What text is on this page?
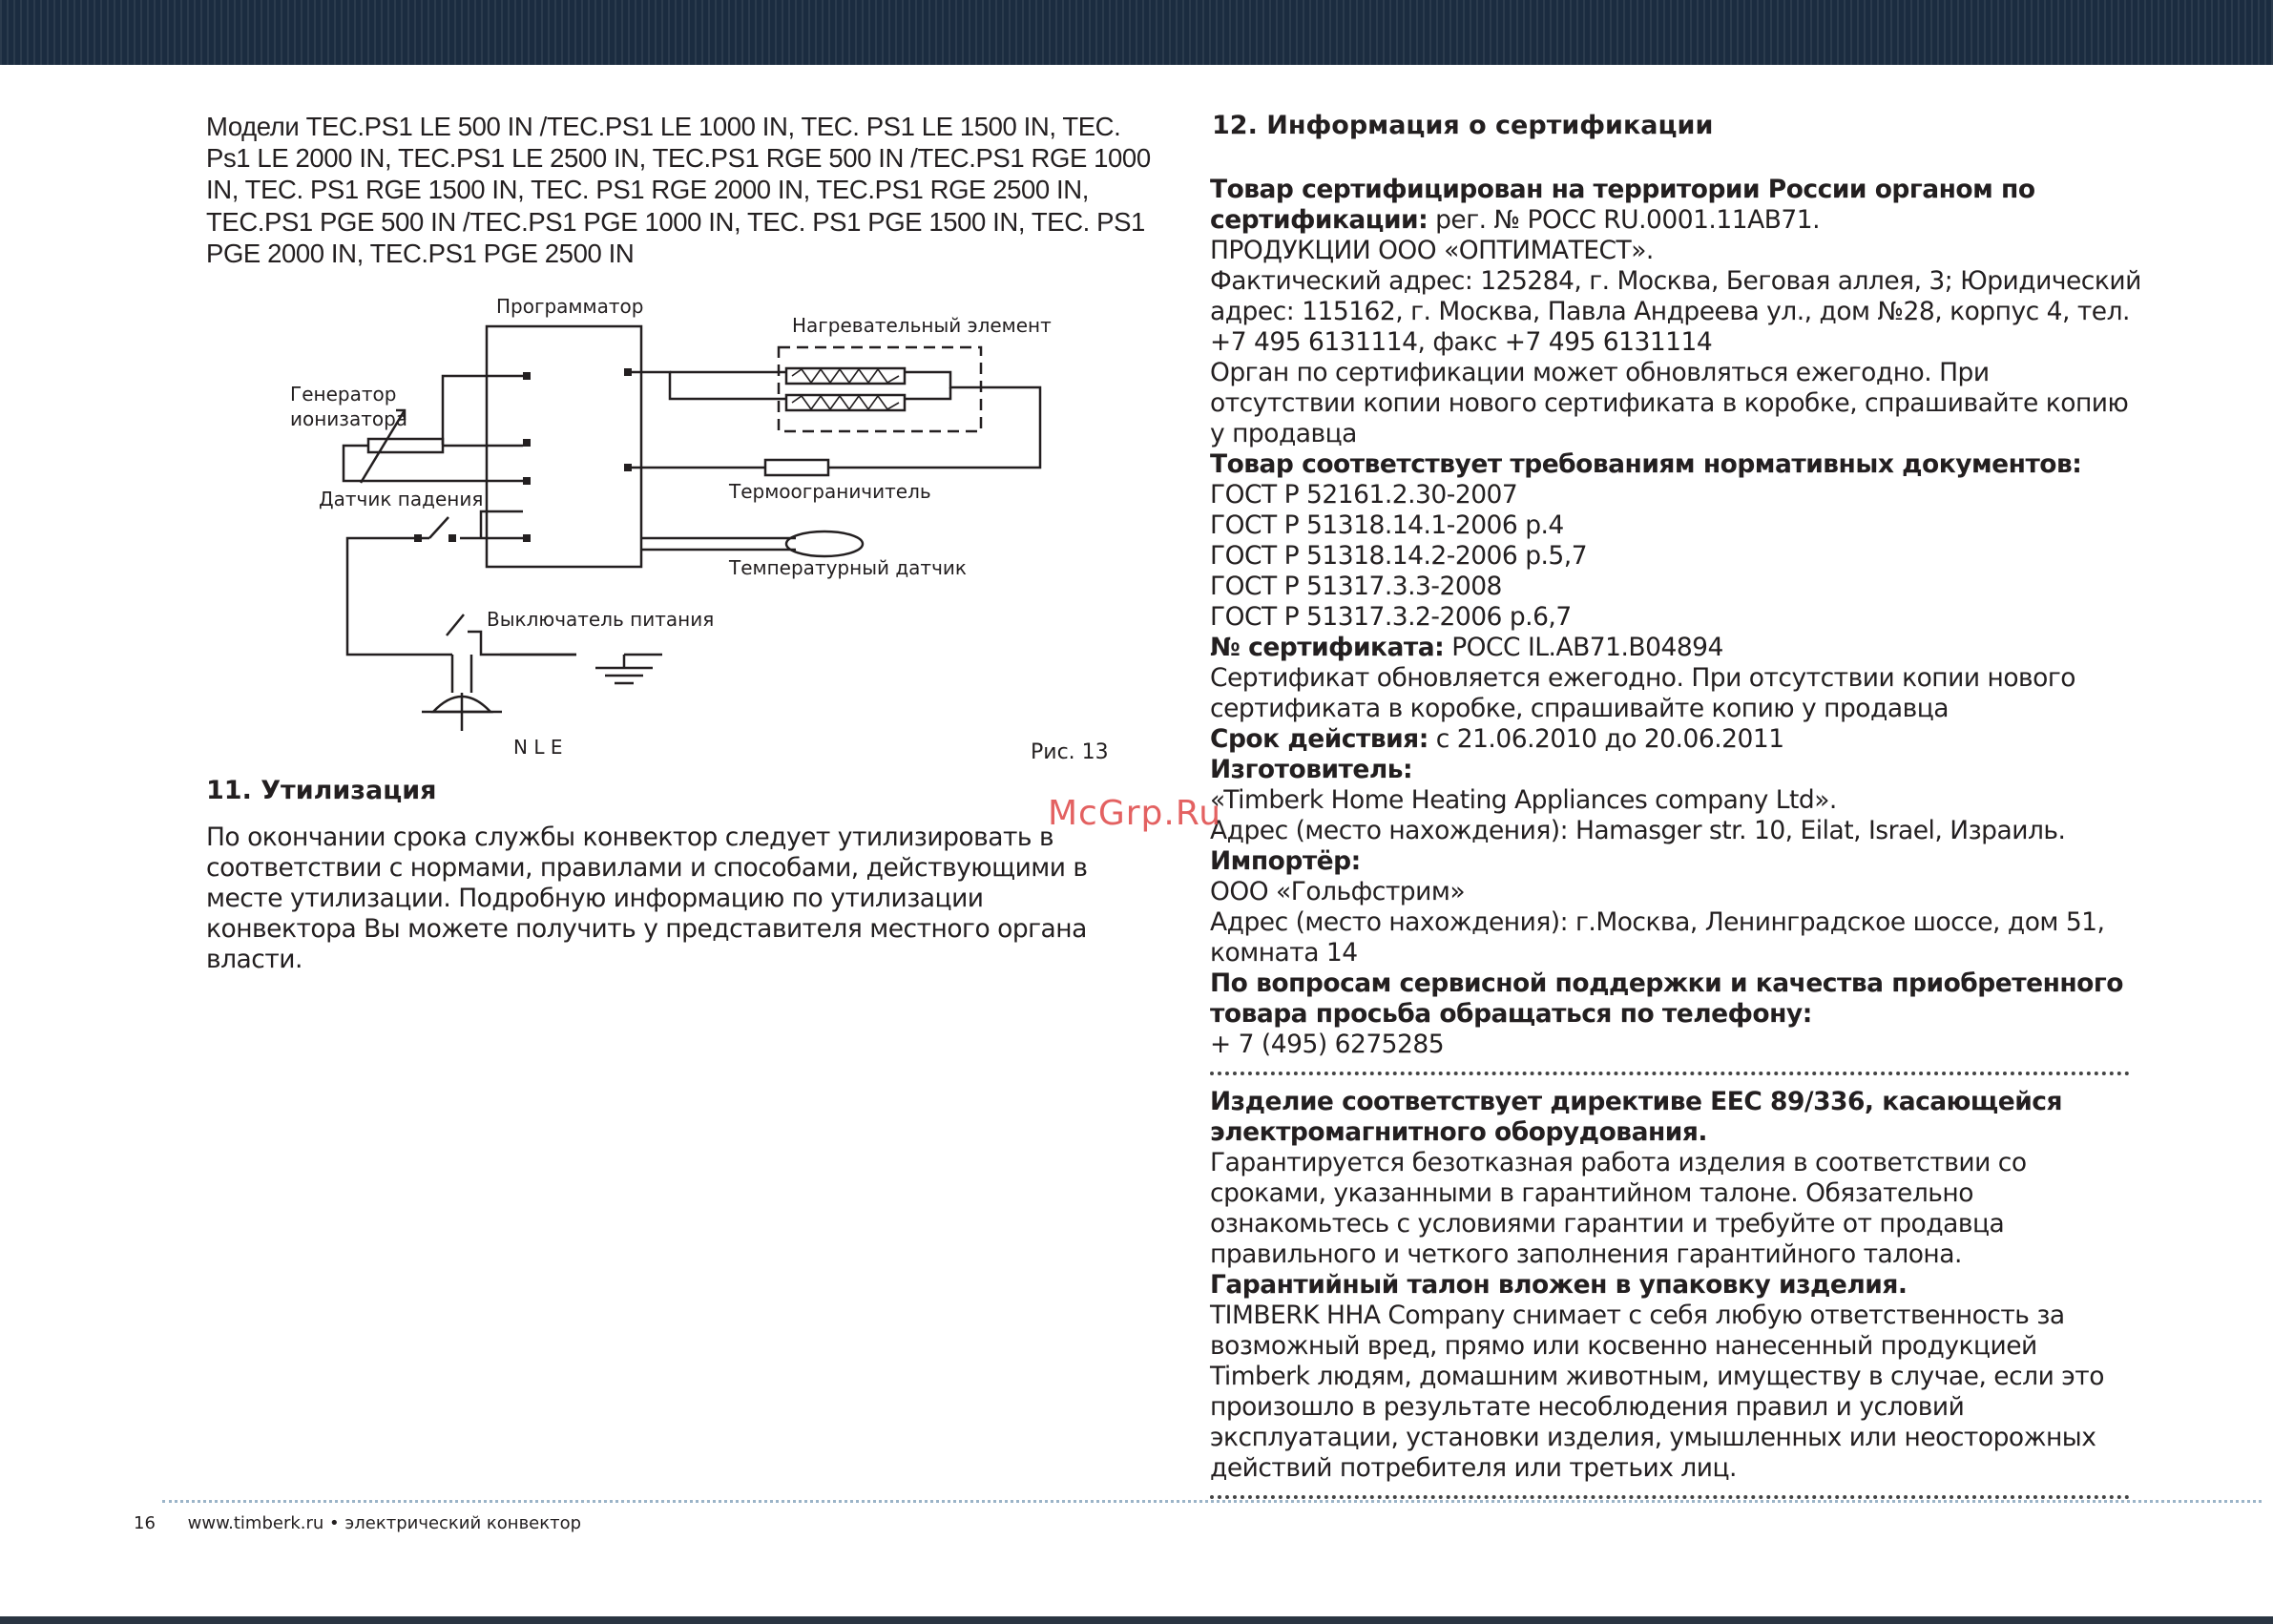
Модели TEC.PS1 LE 500 IN /TEC.PS1 LE 1000 IN, TEC. PS1 LE 1500 IN, TEC.
Ps1 LE 2000 IN, TEC.PS1 LE 2500 IN, TEC.PS1 RGE 500 IN /TEC.PS1 RGE 1000
IN, TEC. PS1 RGE 1500 IN, TEC. PS1 RGE 2000 IN, TEC.PS1 RGE 2500 IN,
TEC.PS1 PGE 500 IN /TEC.PS1 PGE 1000 IN, TEC. PS1 PGE 1500 IN, TEC. PS1
PGE 2000 IN, TEC.PS1 PGE 2500 IN
Программатор
Нагревательный элемент
Генератор
ионизатора
Датчик падения	Термоограничитель
Температурный датчик
Выключатель питания
N L E	Рис. 13
11. Утилизация
По окончании срока службы конвектор следует утилизировать в
соответствии с нормами, правилами и способами, действующими в
месте утилизации. Подробную информацию по утилизации
конвектора Вы можете получить у представителя местного органа
власти.
12. Информация о сертификации
Товар сертифицирован на территории России органом по
сертификации: рег. № РОСС RU.0001.11АВ71.
ПРОДУКЦИИ ООО «ОПТИМАТЕСТ».
Фактический адрес: 125284, г. Москва, Беговая аллея, 3; Юридический
адрес: 115162, г. Москва, Павла Андреева ул., дом №28, корпус 4, тел.
+7 495 6131114, факс +7 495 6131114
Орган по сертификации может обновляться ежегодно. При
отсутствии копии нового сертификата в коробке, спрашивайте копию
у продавца
Товар соответствует требованиям нормативных документов:
ГОСТ Р 52161.2.30-2007
ГОСТ Р 51318.14.1-2006 р.4
ГОСТ Р 51318.14.2-2006 р.5,7
ГОСТ Р 51317.3.3-2008
ГОСТ Р 51317.3.2-2006 р.6,7
№ сертификата: РОСС IL.AB71.B04894
Сертификат обновляется ежегодно. При отсутствии копии нового
сертификата в коробке, спрашивайте копию у продавца
Срок действия: с 21.06.2010 до 20.06.2011
Изготовитель:
«Timberk Home Heating Appliances company Ltd».
Адрес (место нахождения): Hamasger str. 10, Eilat, Israel, Израиль.
Импортёр:
ООО «Гольфстрим»
Адрес (место нахождения): г.Москва, Ленинградское шоссе, дом 51,
комната 14
По вопросам сервисной поддержки и качества приобретенного
товара просьба обращаться по телефону:
+ 7 (495) 6275285
Изделие соответствует директиве ЕЕС 89/336, касающейся
электромагнитного оборудования.
Гарантируется безотказная работа изделия в соответствии со
сроками, указанными в гарантийном талоне. Обязательно
ознакомьтесь с условиями гарантии и требуйте от продавца
правильного и четкого заполнения гарантийного талона.
Гарантийный талон вложен в упаковку изделия.
TIMBERK HHA Company снимает с себя любую ответственность за
возможный вред, прямо или косвенно нанесенный продукцией
Timberk людям, домашним животным, имуществу в случае, если это
произошло в результате несоблюдения правил и условий
эксплуатации, установки изделия, умышленных или неосторожных
действий потребителя или третьих лиц.
McGrp.Ru
16 www.timberk.ru • электрический конвектор
